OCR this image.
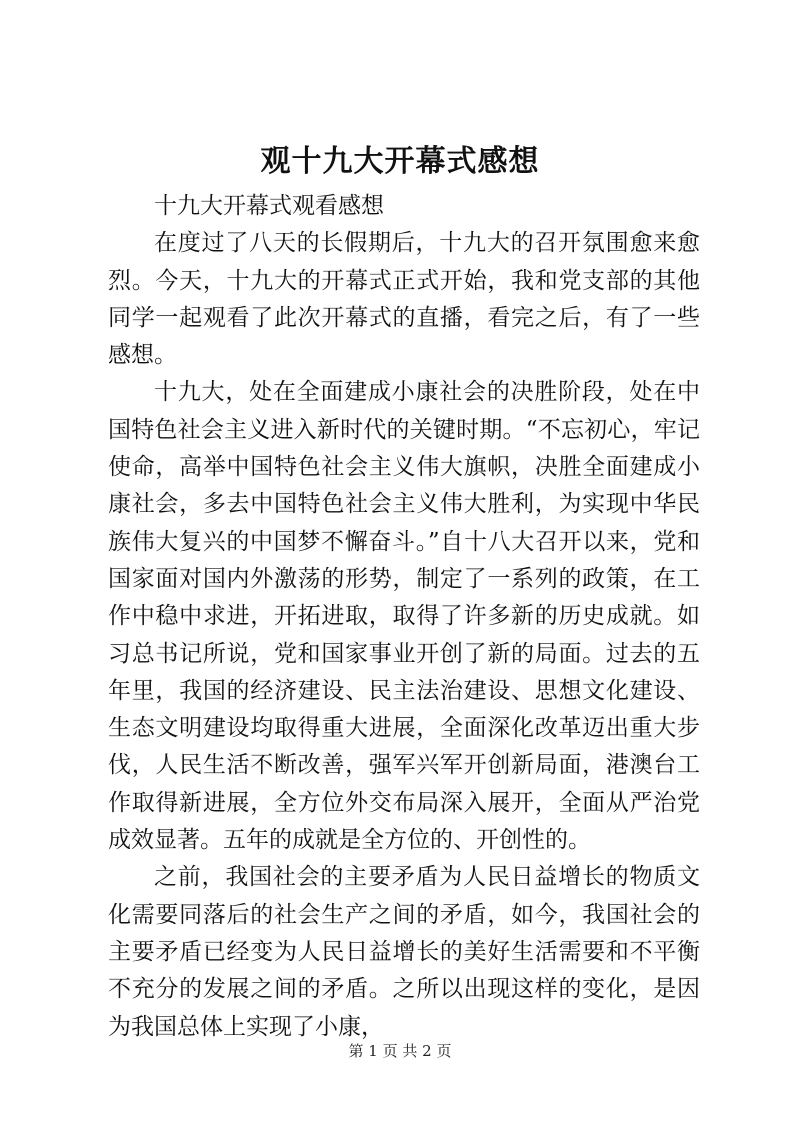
观十九大开幕式感想

十九大开幕式观看感想

在度过了八天的长假期后，十九大的召开氛围愈来愈烈。今天，十九大的开幕式正式开始，我和党支部的其他同学一起观看了此次开幕式的直播，看完之后，有了一些感想。

十九大，处在全面建成小康社会的决胜阶段，处在中国特色社会主义进入新时代的关键时期。“不忘初心，牢记使命，高举中国特色社会主义伟大旗帜，决胜全面建成小康社会，多去中国特色社会主义伟大胜利，为实现中华民族伟大复兴的中国梦不懈奋斗。”自十八大召开以来，党和国家面对国内外激荡的形势，制定了一系列的政策，在工作中稳中求进，开拓进取，取得了许多新的历史成就。如习总书记所说，党和国家事业开创了新的局面。过去的五年里，我国的经济建设、民主法治建设、思想文化建设、生态文明建设均取得重大进展，全面深化改革迈出重大步伐，人民生活不断改善，强军兴军开创新局面，港澳台工作取得新进展，全方位外交布局深入展开，全面从严治党成效显著。五年的成就是全方位的、开创性的。

之前，我国社会的主要矛盾为人民日益增长的物质文化需要同落后的社会生产之间的矛盾，如今，我国社会的主要矛盾已经变为人民日益增长的美好生活需要和不平衡不充分的发展之间的矛盾。之所以出现这样的变化，是因为我国总体上实现了小康，

第 1 页 共 2 页
